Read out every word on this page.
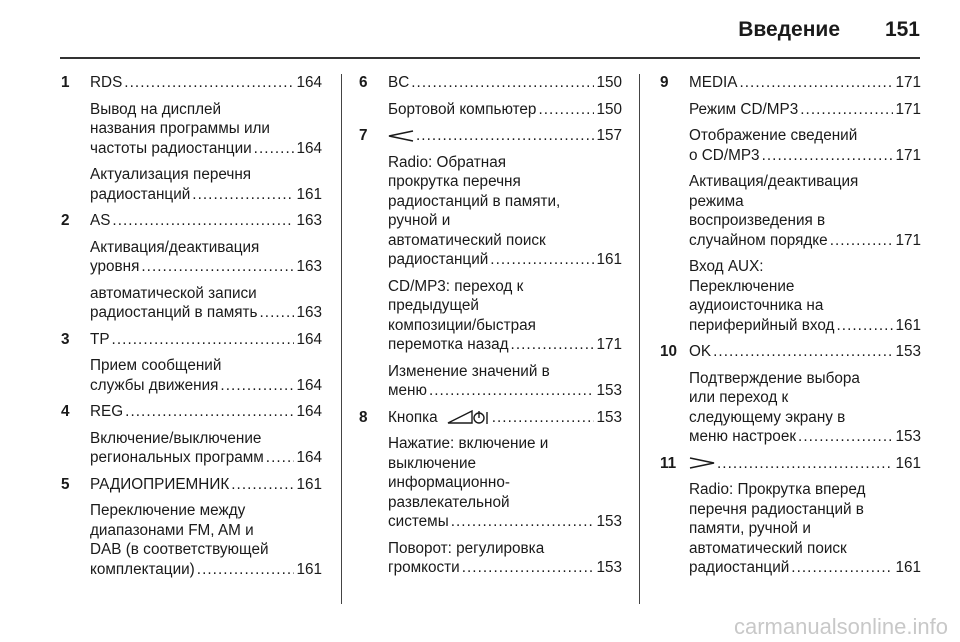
Введение 151
1	RDS . . .	164
Вывод на дисплей
названия программы или
частоты радиостанции . . .	164
Актуализация перечня
радиостанций . . .	161
2	AS . . .	163
Активация/деактивация
уровня . . .	163
автоматической записи
радиостанций в память . . .	163
3	TP . . .	164
Прием сообщений
службы движения . . .	164
4	REG . . .	164
Включение/выключение
региональных программ . . . 164
5	РАДИОПРИЕМНИК . . .	161
Переключение между
диапазонами FM, AM и
DAB (в соответствующей
комплектации) . . .	161
6	BC . . .	150
Бортовой компьютер . . .	150
7 . . .	157
Radio: Обратная
прокрутка перечня
радиостанций в памяти,
ручной и
автоматический поиск
радиостанций . . .	161
CD/MP3: переход к
предыдущей
композиции/быстрая
перемотка назад . . .	171
Изменение значений в
меню . . .	153
8	Кнопка . . .	153
Нажатие: включение и
выключение
информационно-
развлекательной
системы . . .	153
Поворот: регулировка
громкости . . .	153
9	MEDIA . . .	171
Режим CD/MP3 . . .	171
Отображение сведений
о CD/MP3 . . .	171
Активация/деактивация
режима
воспроизведения в
случайном порядке . . .	171
Вход AUX:
Переключение
аудиоисточника на
периферийный вход . . .	161
10 OK . . .	153
Подтверждение выбора
или переход к
следующему экрану в
меню настроек . . .	153
11 . . .	161
Radio: Прокрутка вперед
перечня радиостанций в
памяти, ручной и
автоматический поиск
радиостанций . . .	161
carmanualsonline.info
